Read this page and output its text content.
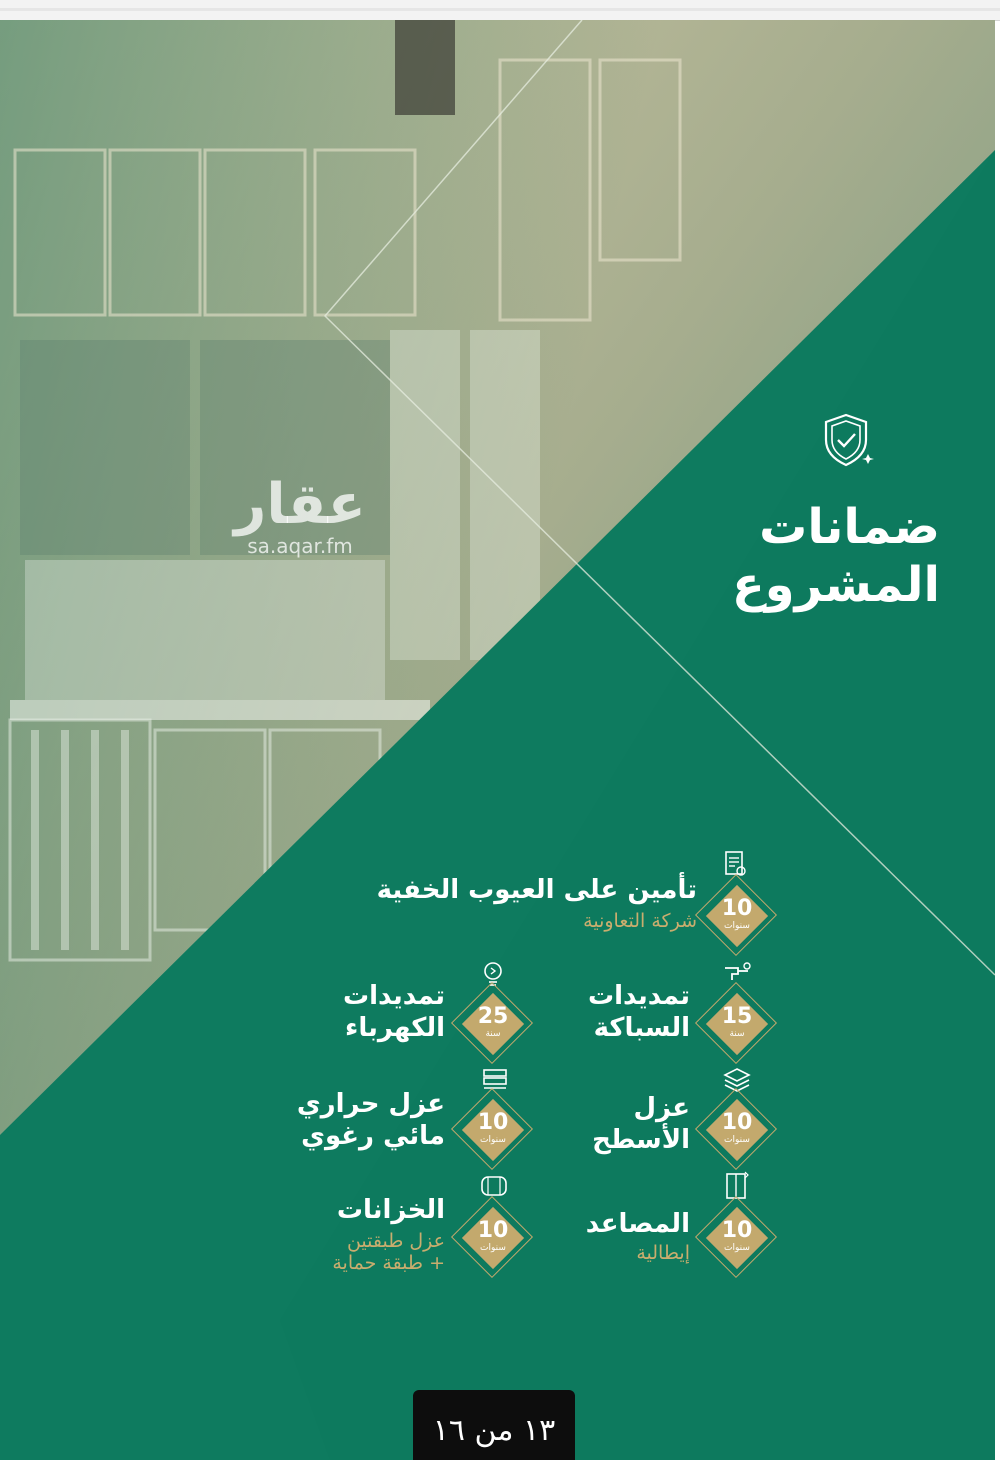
عقار
sa.aqar.fm	ضمانات
المشروع
10
سنوات
تأمين على العيوب الخفية
شركة التعاونية
15
سنة
تمديدات
السباكة
25
سنة
تمديدات
الكهرباء
10
سنوات
عزل
الأسطح
10
سنوات
عزل حراري
مائي رغوي
10
سنوات
المصاعد
إيطالية
10
سنوات
الخزانات
عزل طبقتين
+ طبقة حماية
١٣ من ١٦
